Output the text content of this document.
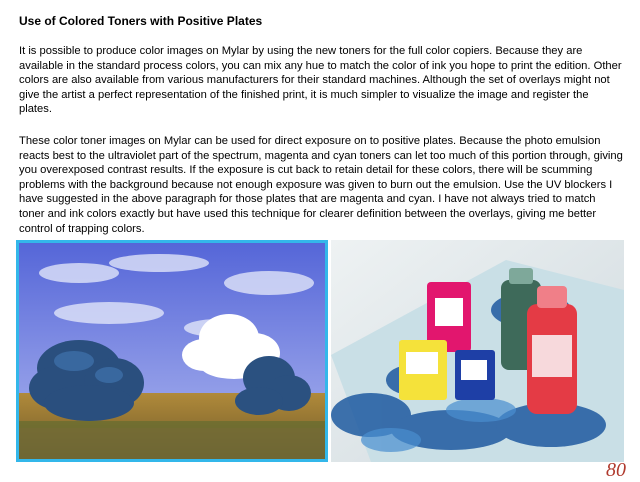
Use of Colored Toners with Positive Plates

It is possible to produce color images on Mylar by using the new toners for the full color copiers. Because they are available in the standard process colors, you can mix any hue to match the color of ink you hope to print the edition. Other colors are also available from various manufacturers for their standard machines. Although the set of overlays might not give the artist a perfect representation of the finished print, it is much simpler to visualize the image and register the plates.

These color toner images on Mylar can be used for direct exposure on to positive plates. Because the photo emulsion reacts best to the ultraviolet part of the spectrum, magenta and cyan toners can let too much of this portion through, giving you overexposed contrast results. If the exposure is cut back to retain detail for these colors, there will be scumming problems with the background because not enough exposure was given to burn out the emulsion. Use the UV blockers I have suggested in the above paragraph for those plates that are magenta and cyan. I have not always tried to match toner and ink colors exactly but have used this technique for clearer definition between the overlays, giving me better control of trapping colors.

80
